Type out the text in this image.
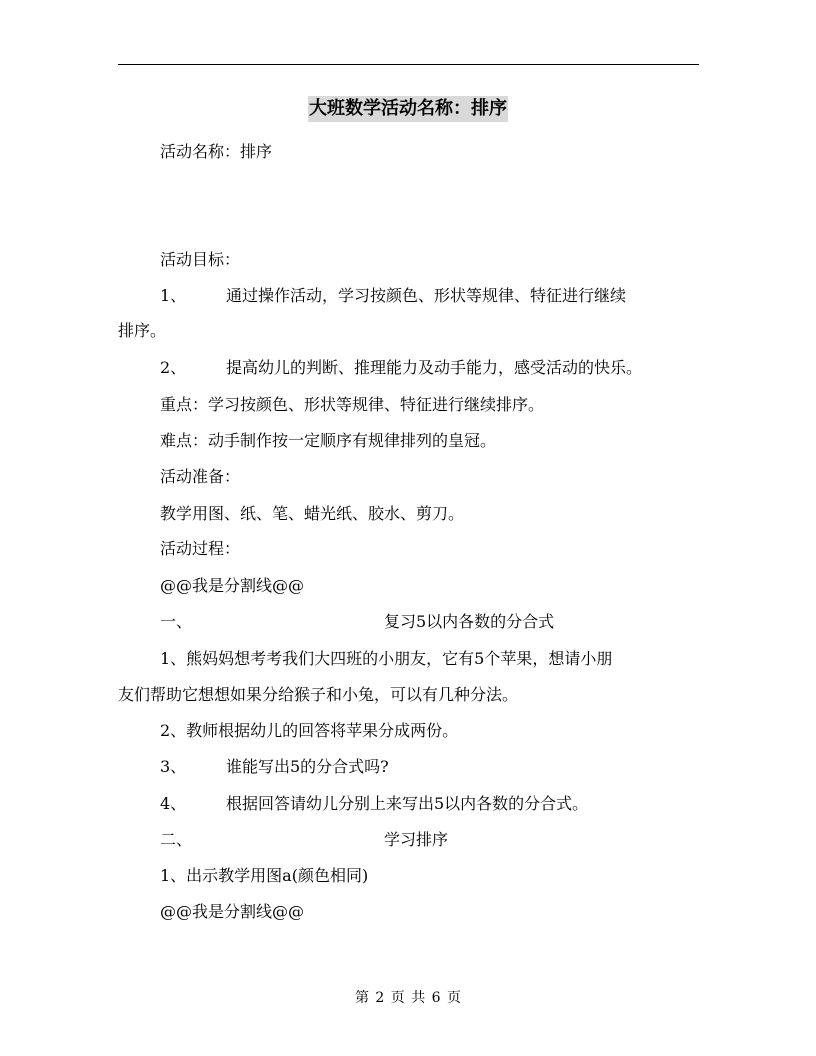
大班数学活动名称：排序
活动名称：排序
活动目标：
1、 通过操作活动，学习按颜色、形状等规律、特征进行继续
排序。
2、 提高幼儿的判断、推理能力及动手能力，感受活动的快乐。
重点：学习按颜色、形状等规律、特征进行继续排序。
难点：动手制作按一定顺序有规律排列的皇冠。
活动准备：
教学用图、纸、笔、蜡光纸、胶水、剪刀。
活动过程：
@@我是分割线@@
一、	复习5以内各数的分合式
1、熊妈妈想考考我们大四班的小朋友，它有5个苹果，想请小朋
友们帮助它想想如果分给猴子和小兔，可以有几种分法。
2、教师根据幼儿的回答将苹果分成两份。
3、 谁能写出5的分合式吗?
4、 根据回答请幼儿分别上来写出5以内各数的分合式。
二、	学习排序
1、出示教学用图a(颜色相同)
@@我是分割线@@
第 2 页 共 6 页
